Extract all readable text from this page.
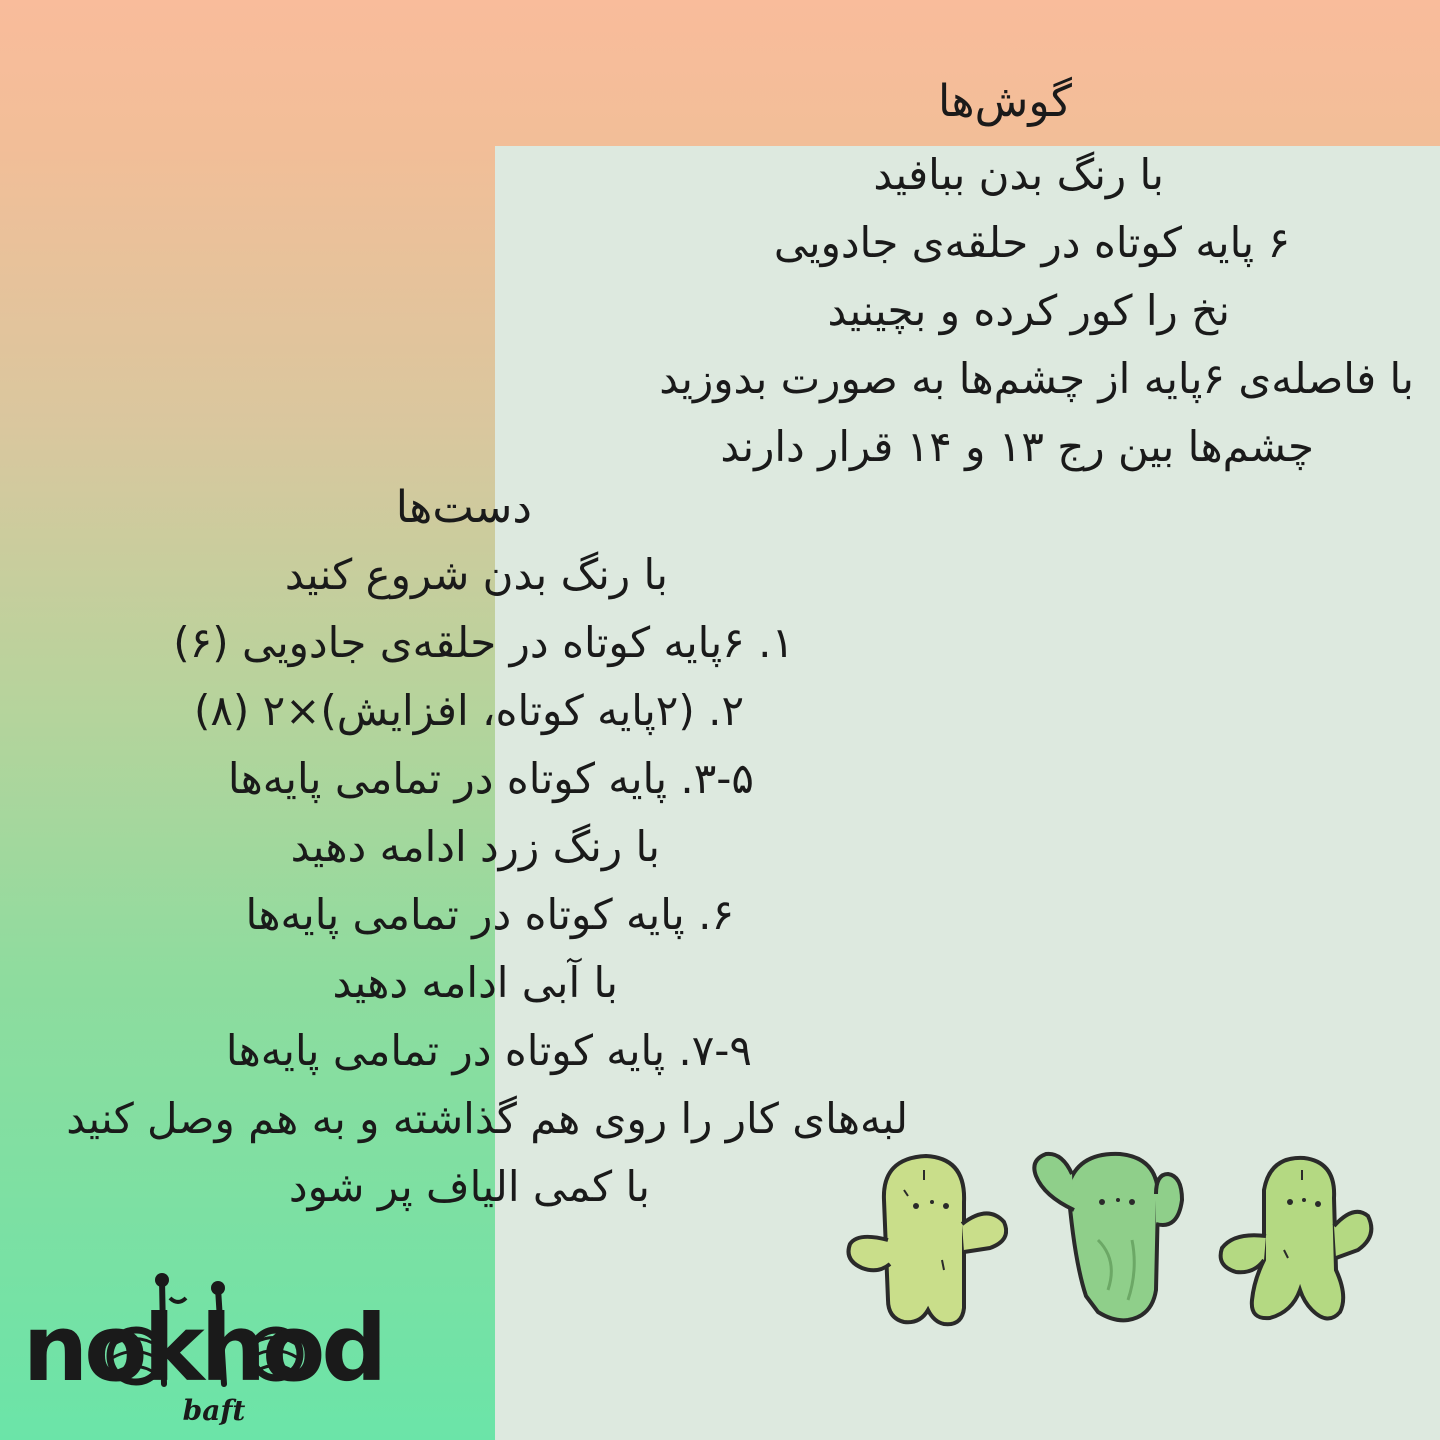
گوش‌ها

با رنگ بدن ببافید

۶ پایه کوتاه در حلقه‌ی جادویی

نخ را کور کرده و بچینید

با فاصله‌ی ۶پایه از چشم‌ها به صورت بدوزید

چشم‌ها بین رج ۱۳ و ۱۴ قرار دارند

دست‌ها

با رنگ بدن شروع کنید

۱. ۶پایه کوتاه در حلقه‌ی جادویی (۶)

۲. (۲پایه کوتاه، افزایش)×۲ (۸)

۳-۵. پایه کوتاه در تمامی پایه‌ها

با رنگ زرد ادامه دهید

۶. پایه کوتاه در تمامی پایه‌ها

با آبی ادامه دهید

۷-۹. پایه کوتاه در تمامی پایه‌ها

لبه‌های کار را روی هم گذاشته و به هم وصل کنید

با کمی الیاف پر شود

nokhod
baft
